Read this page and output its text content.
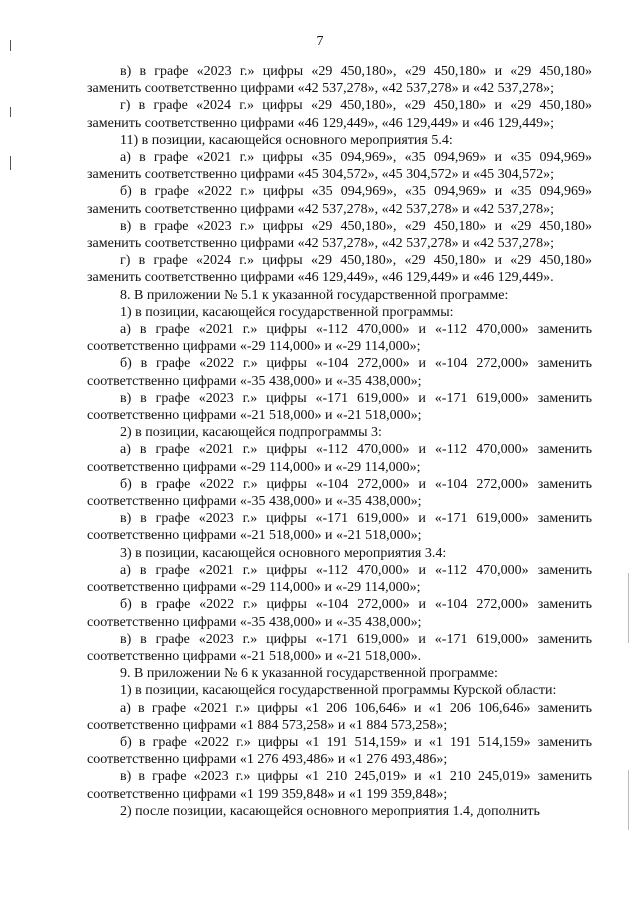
7

в) в графе «2023 г.» цифры «29 450,180», «29 450,180» и «29 450,180» заменить соответственно цифрами «42 537,278», «42 537,278» и «42 537,278»;

г) в графе «2024 г.» цифры «29 450,180», «29 450,180» и «29 450,180» заменить соответственно цифрами «46 129,449», «46 129,449» и «46 129,449»;

11) в позиции, касающейся основного мероприятия 5.4:

а) в графе «2021 г.» цифры «35 094,969», «35 094,969» и «35 094,969» заменить соответственно цифрами «45 304,572», «45 304,572» и «45 304,572»;

б) в графе «2022 г.» цифры «35 094,969», «35 094,969» и «35 094,969» заменить соответственно цифрами «42 537,278», «42 537,278» и «42 537,278»;

в) в графе «2023 г.» цифры «29 450,180», «29 450,180» и «29 450,180» заменить соответственно цифрами «42 537,278», «42 537,278» и «42 537,278»;

г) в графе «2024 г.» цифры «29 450,180», «29 450,180» и «29 450,180» заменить соответственно цифрами «46 129,449», «46 129,449» и «46 129,449».

8. В приложении № 5.1 к указанной государственной программе:

1) в позиции, касающейся государственной программы:

а) в графе «2021 г.» цифры «-112 470,000» и «-112 470,000» заменить соответственно цифрами «-29 114,000» и «-29 114,000»;

б) в графе «2022 г.» цифры «-104 272,000» и «-104 272,000» заменить соответственно цифрами «-35 438,000» и «-35 438,000»;

в) в графе «2023 г.» цифры «-171 619,000» и «-171 619,000» заменить соответственно цифрами «-21 518,000» и «-21 518,000»;

2) в позиции, касающейся подпрограммы 3:

а) в графе «2021 г.» цифры «-112 470,000» и «-112 470,000» заменить соответственно цифрами «-29 114,000» и «-29 114,000»;

б) в графе «2022 г.» цифры «-104 272,000» и «-104 272,000» заменить соответственно цифрами «-35 438,000» и «-35 438,000»;

в) в графе «2023 г.» цифры «-171 619,000» и «-171 619,000» заменить соответственно цифрами «-21 518,000» и «-21 518,000»;

3) в позиции, касающейся основного мероприятия 3.4:

а) в графе «2021 г.» цифры «-112 470,000» и «-112 470,000» заменить соответственно цифрами «-29 114,000» и «-29 114,000»;

б) в графе «2022 г.» цифры «-104 272,000» и «-104 272,000» заменить соответственно цифрами «-35 438,000» и «-35 438,000»;

в) в графе «2023 г.» цифры «-171 619,000» и «-171 619,000» заменить соответственно цифрами «-21 518,000» и «-21 518,000».

9. В приложении № 6 к указанной государственной программе:

1) в позиции, касающейся государственной программы Курской области:

а) в графе «2021 г.» цифры «1 206 106,646» и «1 206 106,646» заменить соответственно цифрами «1 884 573,258» и «1 884 573,258»;

б) в графе «2022 г.» цифры «1 191 514,159» и «1 191 514,159» заменить соответственно цифрами «1 276 493,486» и «1 276 493,486»;

в) в графе «2023 г.» цифры «1 210 245,019» и «1 210 245,019» заменить соответственно цифрами «1 199 359,848» и «1 199 359,848»;

2) после позиции, касающейся основного мероприятия 1.4, дополнить
